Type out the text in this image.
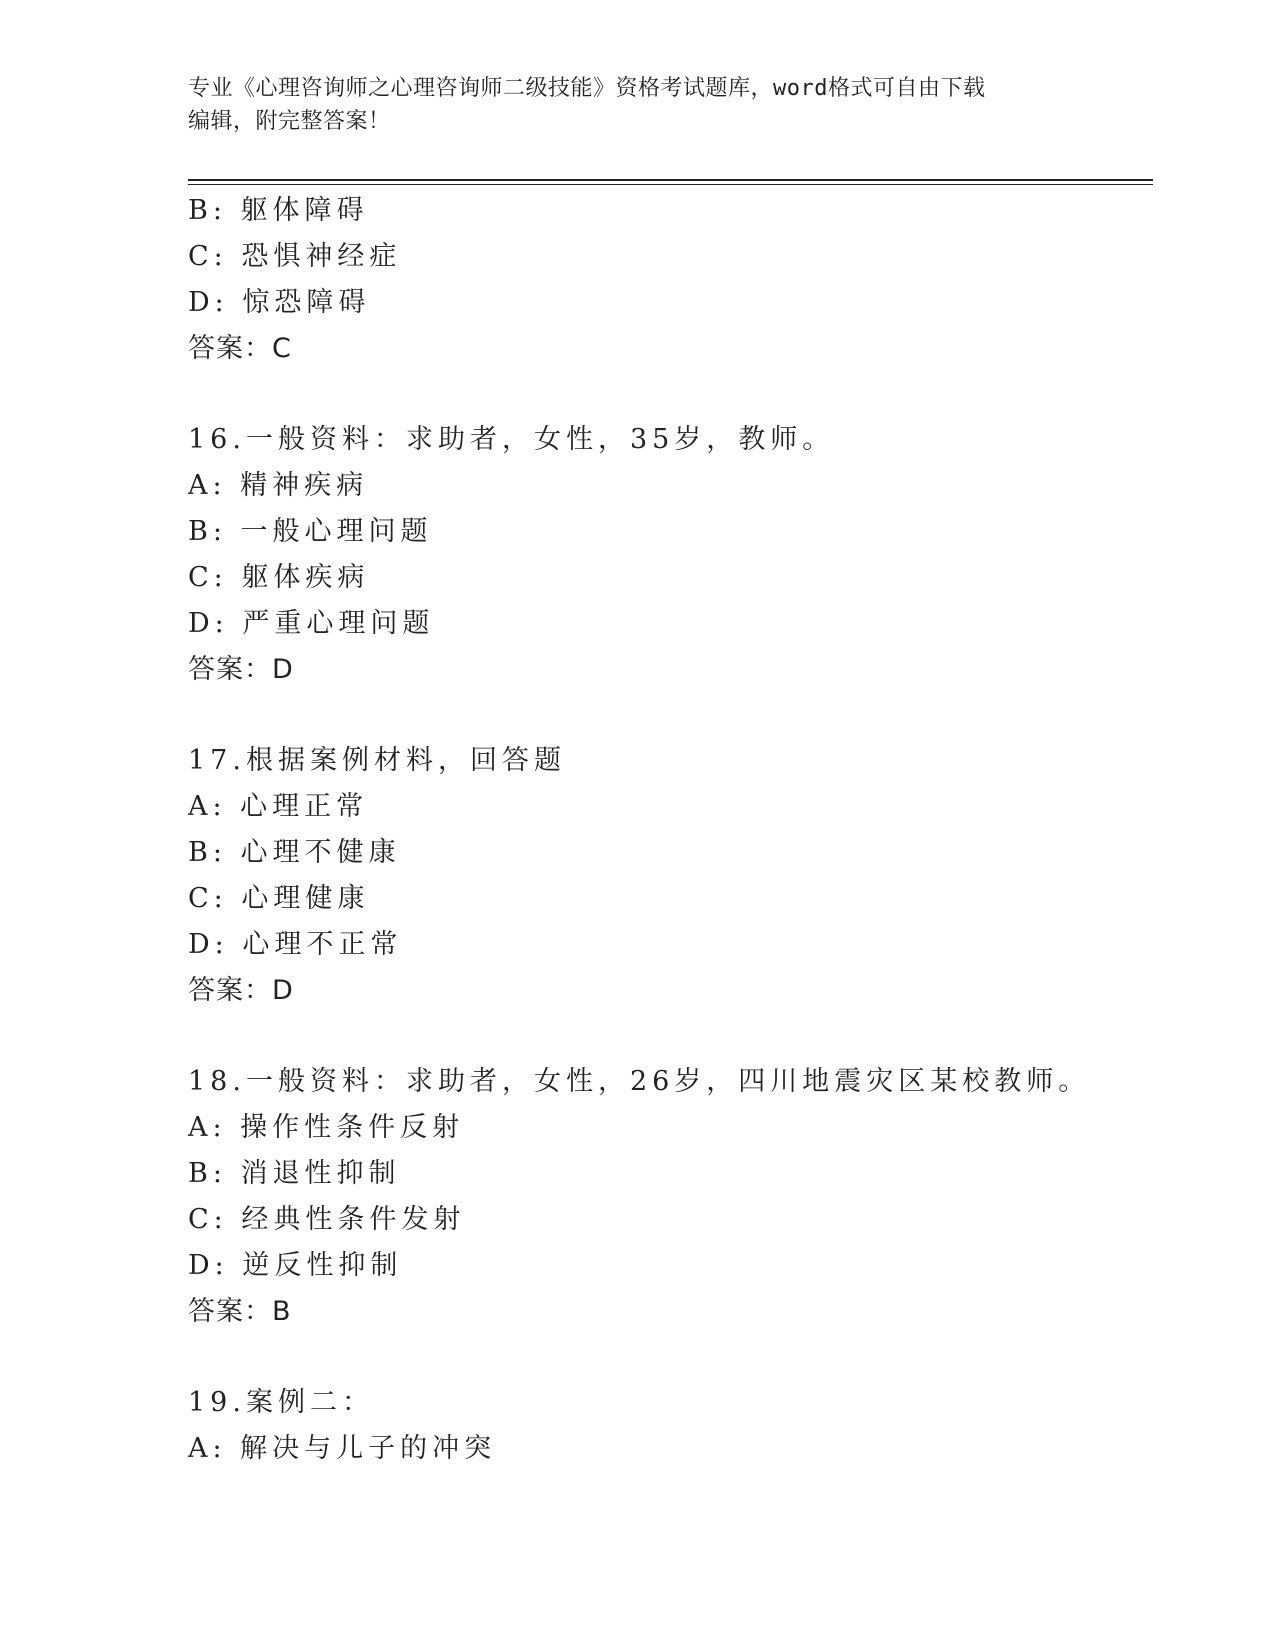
专业《心理咨询师之心理咨询师二级技能》资格考试题库，word格式可自由下载
编辑，附完整答案！
B: 躯体障碍
C: 恐惧神经症
D: 惊恐障碍
答案：C
16.一般资料：求助者，女性，35岁，教师。
A: 精神疾病
B: 一般心理问题
C: 躯体疾病
D: 严重心理问题
答案：D
17.根据案例材料，回答题
A: 心理正常
B: 心理不健康
C: 心理健康
D: 心理不正常
答案：D
18.一般资料：求助者，女性，26岁，四川地震灾区某校教师。
A: 操作性条件反射
B: 消退性抑制
C: 经典性条件发射
D: 逆反性抑制
答案：B
19.案例二：
A: 解决与儿子的冲突
